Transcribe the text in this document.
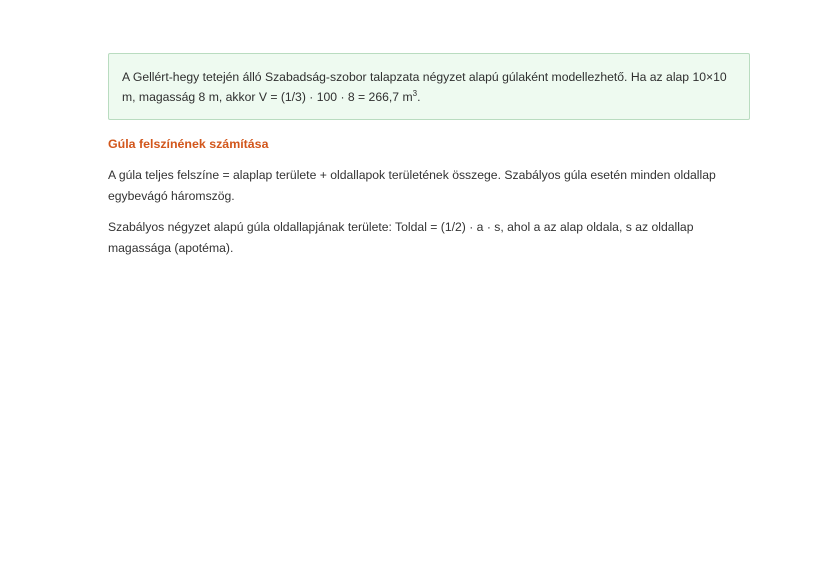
A Gellért-hegy tetején álló Szabadság-szobor talapzata négyzet alapú gúlaként modellezhető. Ha az alap 10×10 m, magasság 8 m, akkor V = (1/3) · 100 · 8 = 266,7 $m^3$.
Gúla felszínének számítása

A gúla teljes felszíne = alaplap területe + oldallapok területének összege. Szabályos gúla esetén minden oldallap egybevágó háromszög.

Szabályos négyzet alapú gúla oldallapjának területe: Toldal = (1/2) · a · s, ahol a az alap oldala, s az oldallap magassága (apotéma).
